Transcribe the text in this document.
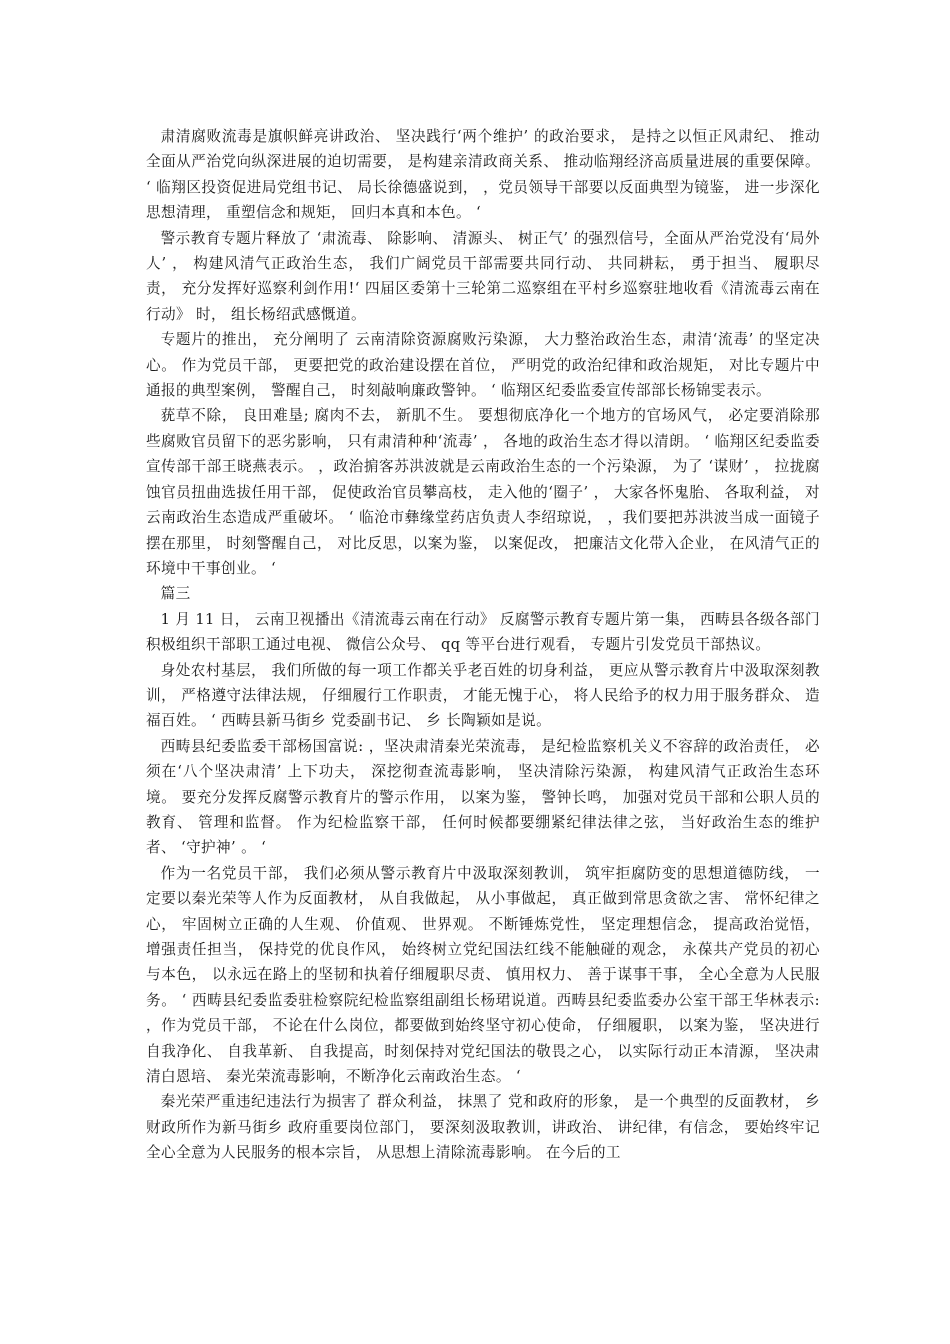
肃清腐败流毒是旗帜鲜亮讲政治、 坚决践行‘两个维护’ 的政治要求， 是持之以恒正风肃纪、 推动全面从严治党向纵深进展的迫切需要， 是构建亲清政商关系、 推动临翔经济高质量进展的重要保障。 ‘ 临翔区投资促进局党组书记、 局长徐德盛说到， ，党员领导干部要以反面典型为镜鉴， 进一步深化思想清理， 重塑信念和规矩， 回归本真和本色。 ‘

警示教育专题片释放了 ‘肃流毒、 除影响、 清源头、 树正气’ 的强烈信号，全面从严治党没有‘局外人’ ， 构建风清气正政治生态， 我们广阔党员干部需要共同行动、 共同耕耘， 勇于担当、 履职尽责， 充分发挥好巡察利剑作用!‘ 四届区委第十三轮第二巡察组在平村乡巡察驻地收看《清流毒云南在行动》 时， 组长杨绍武感慨道。

专题片的推出， 充分阐明了 云南清除资源腐败污染源， 大力整治政治生态，肃清‘流毒’ 的坚定决心。 作为党员干部， 更要把党的政治建设摆在首位， 严明党的政治纪律和政治规矩， 对比专题片中通报的典型案例， 警醒自己， 时刻敲响廉政警钟。 ‘ 临翔区纪委监委宣传部部长杨锦雯表示。

莸草不除， 良田难垦; 腐肉不去， 新肌不生。 要想彻底净化一个地方的官场风气， 必定要消除那些腐败官员留下的恶劣影响， 只有肃清种种‘流毒’ ， 各地的政治生态才得以清朗。 ‘ 临翔区纪委监委宣传部干部王晓燕表示。 ，政治掮客苏洪波就是云南政治生态的一个污染源， 为了 ‘谋财’ ， 拉拢腐蚀官员扭曲选拔任用干部， 促使政治官员攀高枝， 走入他的‘圈子’ ， 大家各怀鬼胎、 各取利益， 对云南政治生态造成严重破坏。 ‘ 临沧市彝缘堂药店负责人李绍琼说， ，我们要把苏洪波当成一面镜子摆在那里， 时刻警醒自己， 对比反思，以案为鉴， 以案促改， 把廉洁文化带入企业， 在风清气正的环境中干事创业。 ‘

篇三

1 月 11 日， 云南卫视播出《清流毒云南在行动》 反腐警示教育专题片第一集， 西畴县各级各部门积极组织干部职工通过电视、 微信公众号、 qq 等平台进行观看， 专题片引发党员干部热议。

身处农村基层， 我们所做的每一项工作都关乎老百姓的切身利益， 更应从警示教育片中汲取深刻教训， 严格遵守法律法规， 仔细履行工作职责， 才能无愧于心， 将人民给予的权力用于服务群众、 造福百姓。 ‘ 西畴县新马街乡 党委副书记、 乡 长陶颖如是说。

西畴县纪委监委干部杨国富说: ，坚决肃清秦光荣流毒， 是纪检监察机关义不容辞的政治责任， 必须在‘八个坚决肃清’ 上下功夫， 深挖彻查流毒影响， 坚决清除污染源， 构建风清气正政治生态环境。 要充分发挥反腐警示教育片的警示作用， 以案为鉴， 警钟长鸣， 加强对党员干部和公职人员的教育、 管理和监督。 作为纪检监察干部， 任何时候都要绷紧纪律法律之弦， 当好政治生态的维护者、 ‘守护神’ 。 ‘

作为一名党员干部， 我们必须从警示教育片中汲取深刻教训， 筑牢拒腐防变的思想道德防线， 一定要以秦光荣等人作为反面教材， 从自我做起， 从小事做起， 真正做到常思贪欲之害、 常怀纪律之心， 牢固树立正确的人生观、 价值观、 世界观。 不断锤炼党性， 坚定理想信念， 提高政治觉悟， 增强责任担当， 保持党的优良作风， 始终树立党纪国法红线不能触碰的观念， 永葆共产党员的初心与本色， 以永远在路上的坚韧和执着仔细履职尽责、 慎用权力、 善于谋事干事， 全心全意为人民服务。 ‘ 西畴县纪委监委驻检察院纪检监察组副组长杨珺说道。西畴县纪委监委办公室干部王华林表示: ，作为党员干部， 不论在什么岗位，都要做到始终坚守初心使命， 仔细履职， 以案为鉴， 坚决进行自我净化、 自我革新、 自我提高，时刻保持对党纪国法的敬畏之心， 以实际行动正本清源， 坚决肃清白恩培、 秦光荣流毒影响，不断净化云南政治生态。 ‘

秦光荣严重违纪违法行为损害了 群众利益， 抹黑了 党和政府的形象， 是一个典型的反面教材， 乡 财政所作为新马街乡 政府重要岗位部门， 要深刻汲取教训，讲政治、 讲纪律，有信念， 要始终牢记全心全意为人民服务的根本宗旨， 从思想上清除流毒影响。 在今后的工
